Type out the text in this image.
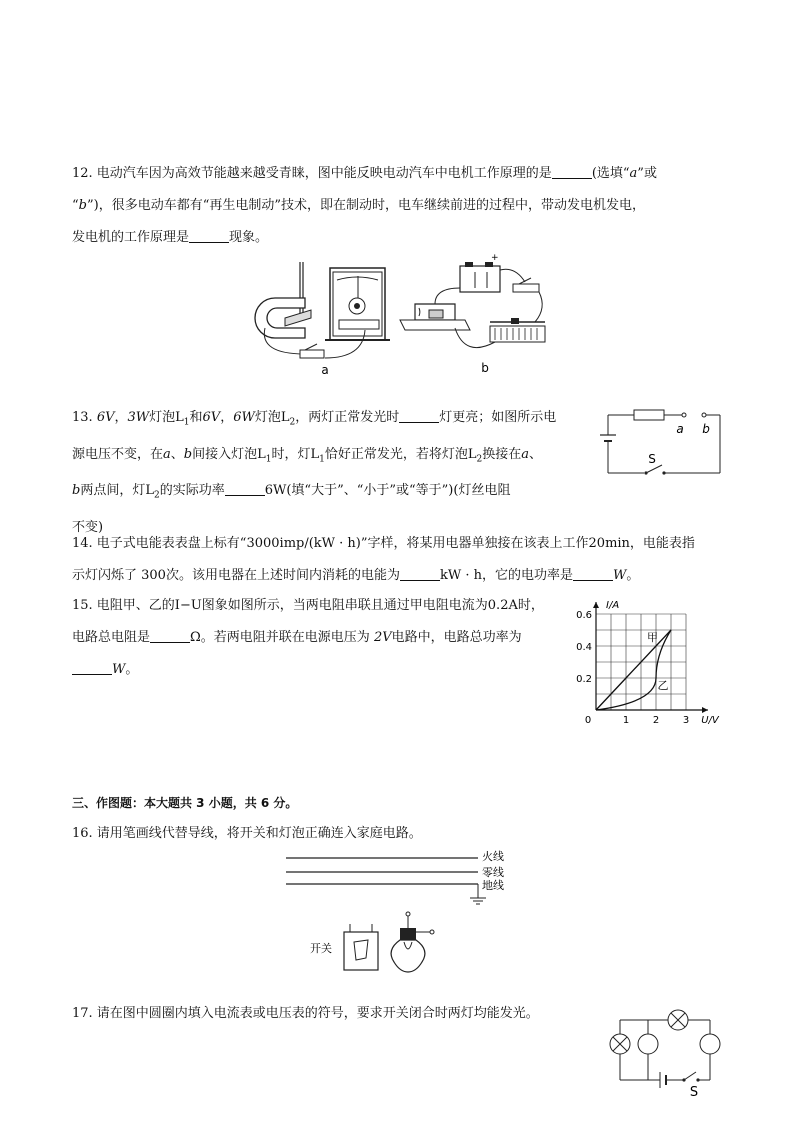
12. 电动汽车因为高效节能越来越受青睐，图中能反映电动汽车中电机工作原理的是	(选填“a”或
“b”)，很多电动车都有“再生电制动”技术，即在制动时，电车继续前进的过程中，带动发电机发电，
发电机的工作原理是	现象。
a
+
b
13. 6V，3W灯泡$L_1$和6V，6W灯泡$L_2$，两灯正常发光时	灯更亮；如图所示电
源电压不变，在a、b间接入灯泡$L_1$时，灯$L_1$恰好正常发光，若将灯泡$L_2$换接在a、
b两点间，灯$L_2$的实际功率	6W(填“大于”、“小于”或“等于”)(灯丝电阻
不变)
a b
S
14. 电子式电能表表盘上标有“3000imp/(kW · h)”字样，将某用电器单独接在该表上工作20min，电能表指
示灯闪烁了 300次。该用电器在上述时间内消耗的电能为	kW · h，它的电功率是	W。
15. 电阻甲、乙的I−U图象如图所示，当两电阻串联且通过甲电阻电流为0.2A时，
电路总电阻是	Ω。若两电阻并联在电源电压为 2V电路中，电路总功率为
W。
0	1 2 3
0.2
0.4
0.6
U/V
I/A
甲
乙
三、作图题：本大题共 3 小题，共 6 分。
16. 请用笔画线代替导线，将开关和灯泡正确连入家庭电路。
火线
零线
地线
开关
17. 请在图中圆圈内填入电流表或电压表的符号，要求开关闭合时两灯均能发光。
S
